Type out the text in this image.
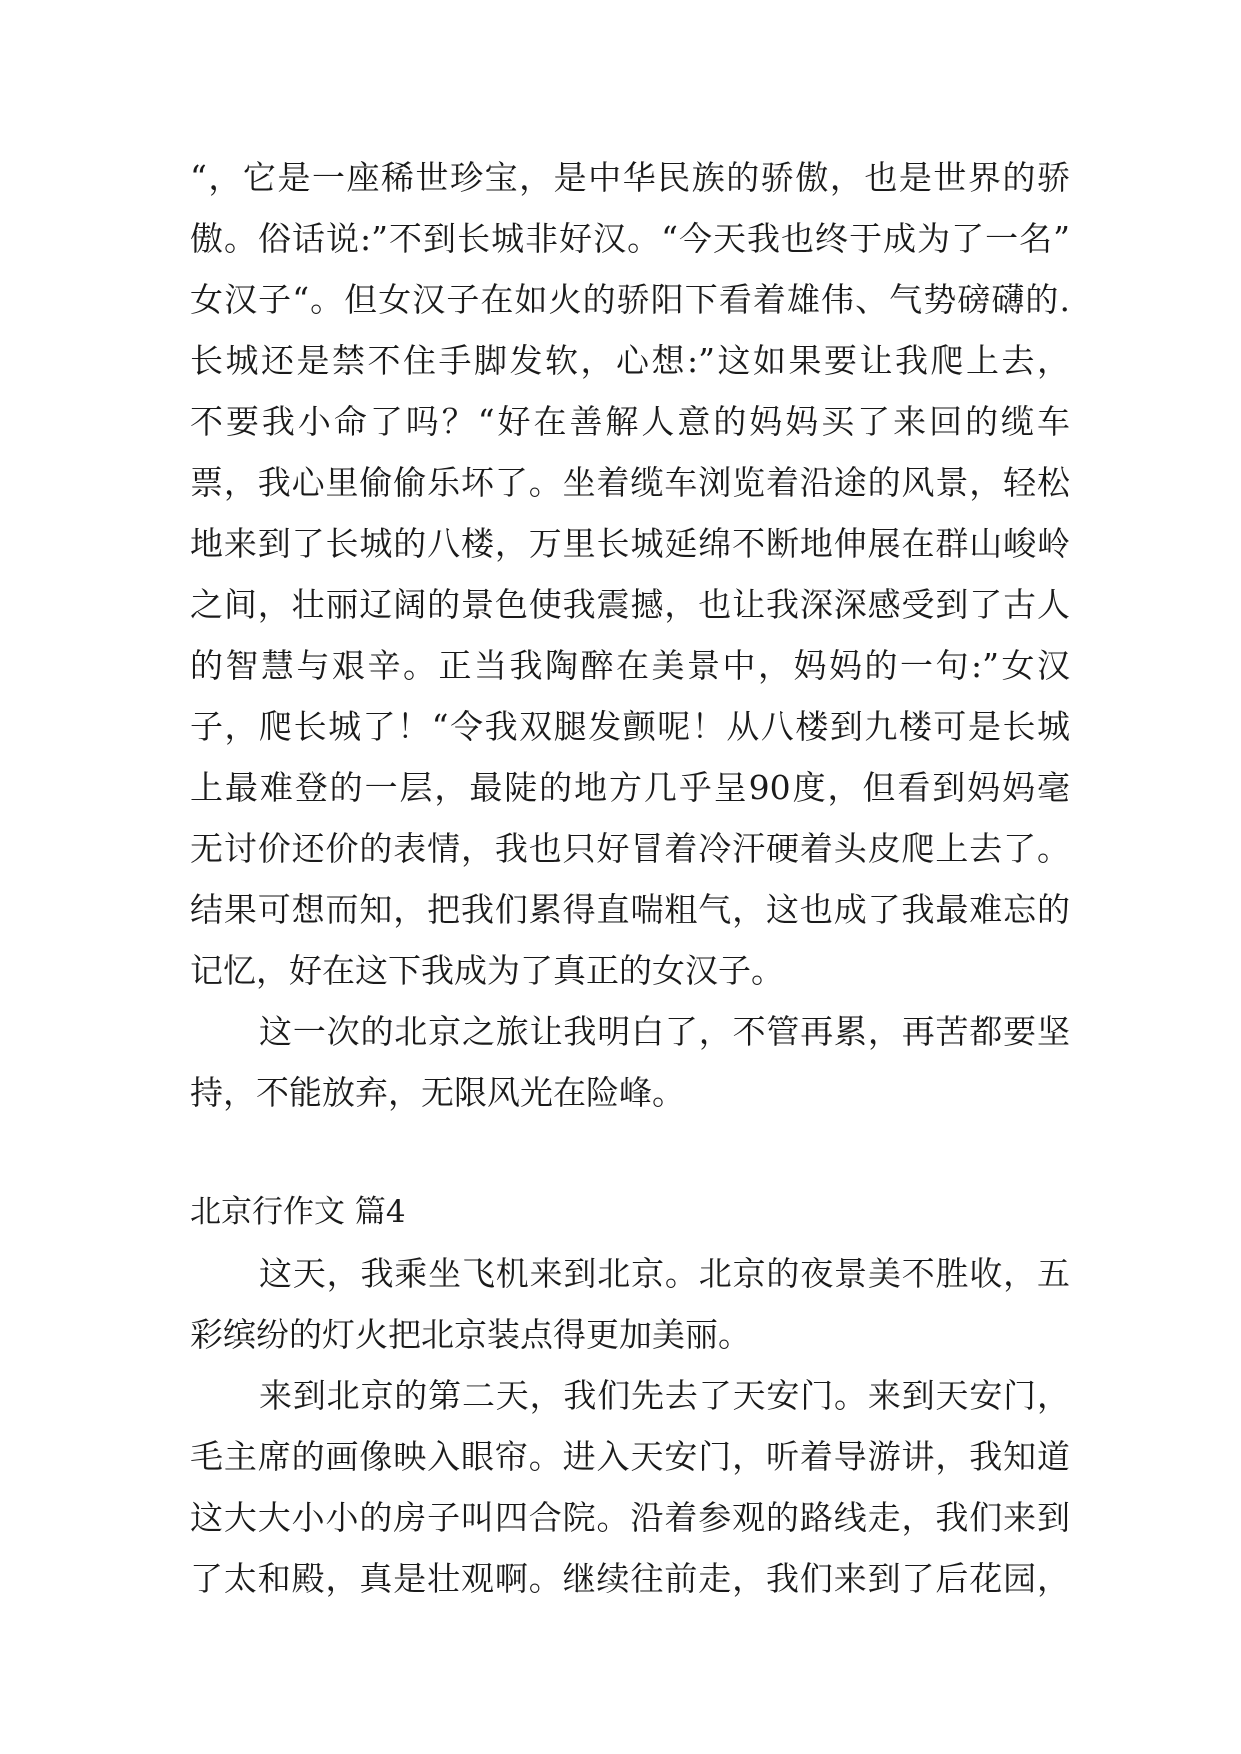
“，它是一座稀世珍宝，是中华民族的骄傲，也是世界的骄
傲。俗话说:”不到长城非好汉。“今天我也终于成为了一名”
女汉子“。但女汉子在如火的骄阳下看着雄伟、气势磅礴的.
长城还是禁不住手脚发软，心想:”这如果要让我爬上去，
不要我小命了吗？“好在善解人意的妈妈买了来回的缆车
票，我心里偷偷乐坏了。坐着缆车浏览着沿途的风景，轻松
地来到了长城的八楼，万里长城延绵不断地伸展在群山峻岭
之间，壮丽辽阔的景色使我震撼，也让我深深感受到了古人
的智慧与艰辛。正当我陶醉在美景中，妈妈的一句:”女汉
子，爬长城了！“令我双腿发颤呢！从八楼到九楼可是长城
上最难登的一层，最陡的地方几乎呈90度，但看到妈妈毫
无讨价还价的表情，我也只好冒着冷汗硬着头皮爬上去了。
结果可想而知，把我们累得直喘粗气，这也成了我最难忘的
记忆，好在这下我成为了真正的女汉子。
这一次的北京之旅让我明白了，不管再累，再苦都要坚
持，不能放弃，无限风光在险峰。
北京行作文 篇4
这天，我乘坐飞机来到北京。北京的夜景美不胜收，五
彩缤纷的灯火把北京装点得更加美丽。
来到北京的第二天，我们先去了天安门。来到天安门，
毛主席的画像映入眼帘。进入天安门，听着导游讲，我知道
这大大小小的房子叫四合院。沿着参观的路线走，我们来到
了太和殿，真是壮观啊。继续往前走，我们来到了后花园，
